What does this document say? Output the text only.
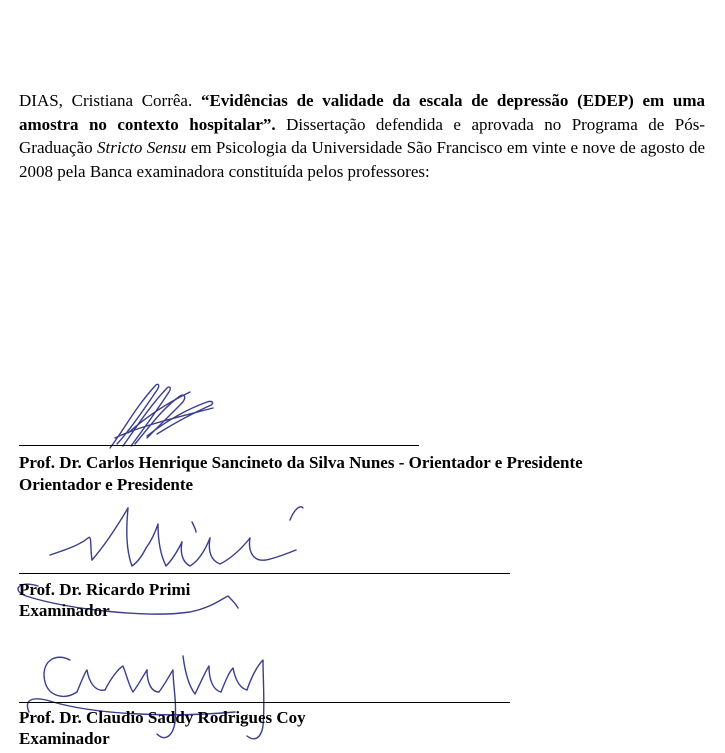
DIAS, Cristiana Corrêa. “Evidências de validade da escala de depressão (EDEP) em uma amostra no contexto hospitalar”. Dissertação defendida e aprovada no Programa de Pós-Graduação Stricto Sensu em Psicologia da Universidade São Francisco em vinte e nove de agosto de 2008 pela Banca examinadora constituída pelos professores:

Prof. Dr. Carlos Henrique Sancineto da Silva Nunes - Orientador e Presidente

Orientador e Presidente

Prof. Dr. Ricardo Primi

Examinador

Prof. Dr. Claudio Saddy Rodrigues Coy

Examinador
